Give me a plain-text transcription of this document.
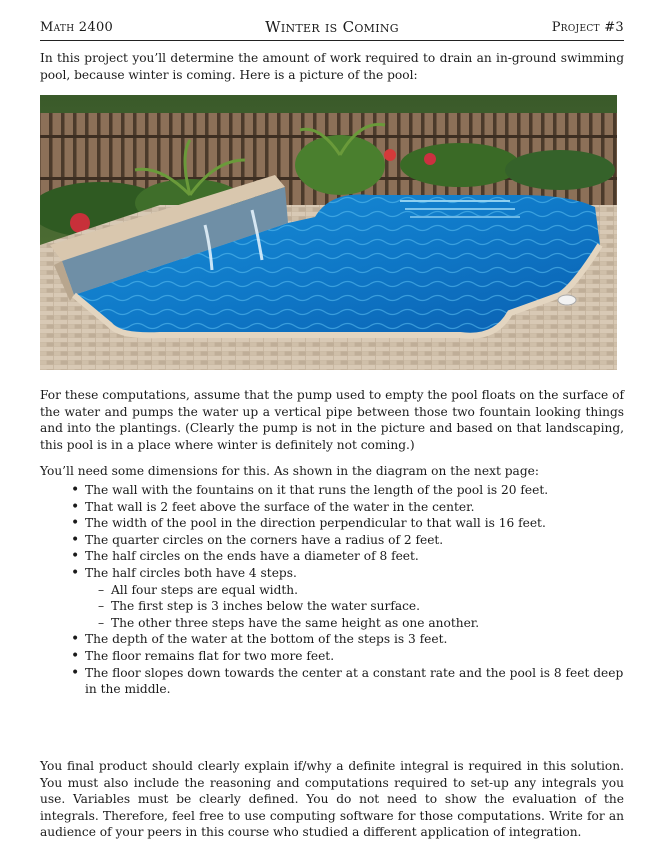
Math 2400	Winter is Coming	Project #3

In this project you’ll determine the amount of work required to drain an in-ground swimming pool, because winter is coming. Here is a picture of the pool:

For these computations, assume that the pump used to empty the pool floats on the surface of the water and pumps the water up a vertical pipe between those two fountain looking things and into the plantings. (Clearly the pump is not in the picture and based on that landscaping, this pool is in a place where winter is definitely not coming.)

You’ll need some dimensions for this. As shown in the diagram on the next page:

• The wall with the fountains on it that runs the length of the pool is 20 feet.
• That wall is 2 feet above the surface of the water in the center.
• The width of the pool in the direction perpendicular to that wall is 16 feet.
• The quarter circles on the corners have a radius of 2 feet.
• The half circles on the ends have a diameter of 8 feet.
• The half circles both have 4 steps.
– All four steps are equal width.
– The first step is 3 inches below the water surface.
– The other three steps have the same height as one another.
• The depth of the water at the bottom of the steps is 3 feet.
• The floor remains flat for two more feet.
• The floor slopes down towards the center at a constant rate and the pool is 8 feet deep in the middle.

You final product should clearly explain if/why a definite integral is required in this solution. You must also include the reasoning and computations required to set-up any integrals you use. Variables must be clearly defined. You do not need to show the evaluation of the integrals. Therefore, feel free to use computing software for those computations. Write for an audience of your peers in this course who studied a different application of integration.
